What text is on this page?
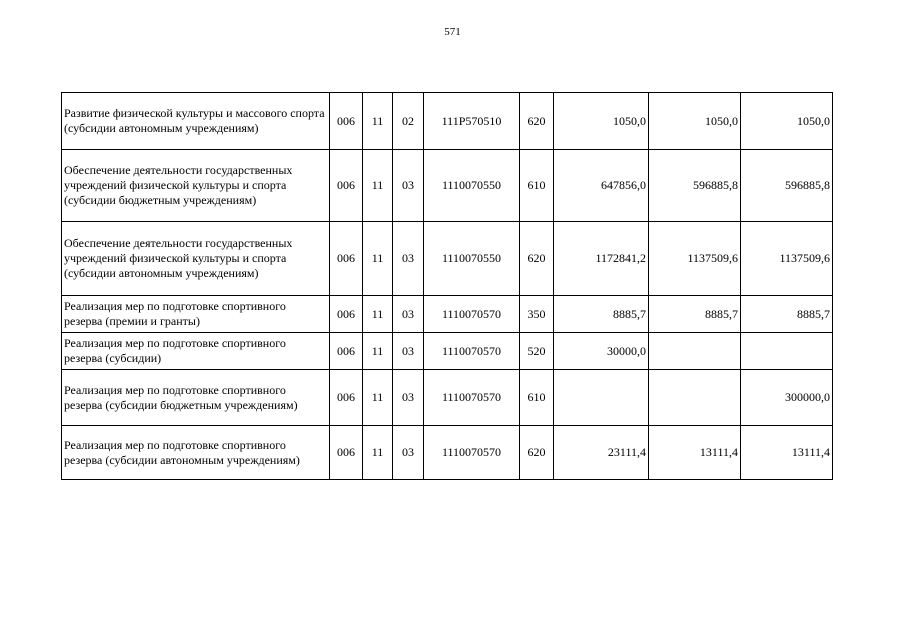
571
Развитие физической культуры и массового спорта (субсидии автономным учреждениям)	006	11	02	111P570510	620	1050,0	1050,0	1050,0
Обеспечение деятельности государственных учреждений физической культуры и спорта (субсидии бюджетным учреждениям)	006	11	03	1110070550	610	647856,0	596885,8	596885,8
Обеспечение деятельности государственных учреждений физической культуры и спорта (субсидии автономным учреждениям)	006	11	03	1110070550	620	1172841,2	1137509,6	1137509,6
Реализация мер по подготовке спортивного резерва (премии и гранты)	006	11	03	1110070570	350	8885,7	8885,7	8885,7
Реализация мер по подготовке спортивного резерва (субсидии)	006	11	03	1110070570	520	30000,0		
Реализация мер по подготовке спортивного резерва (субсидии бюджетным учреждениям)	006	11	03	1110070570	610			300000,0
Реализация мер по подготовке спортивного резерва (субсидии автономным учреждениям)	006	11	03	1110070570	620	23111,4	13111,4	13111,4
